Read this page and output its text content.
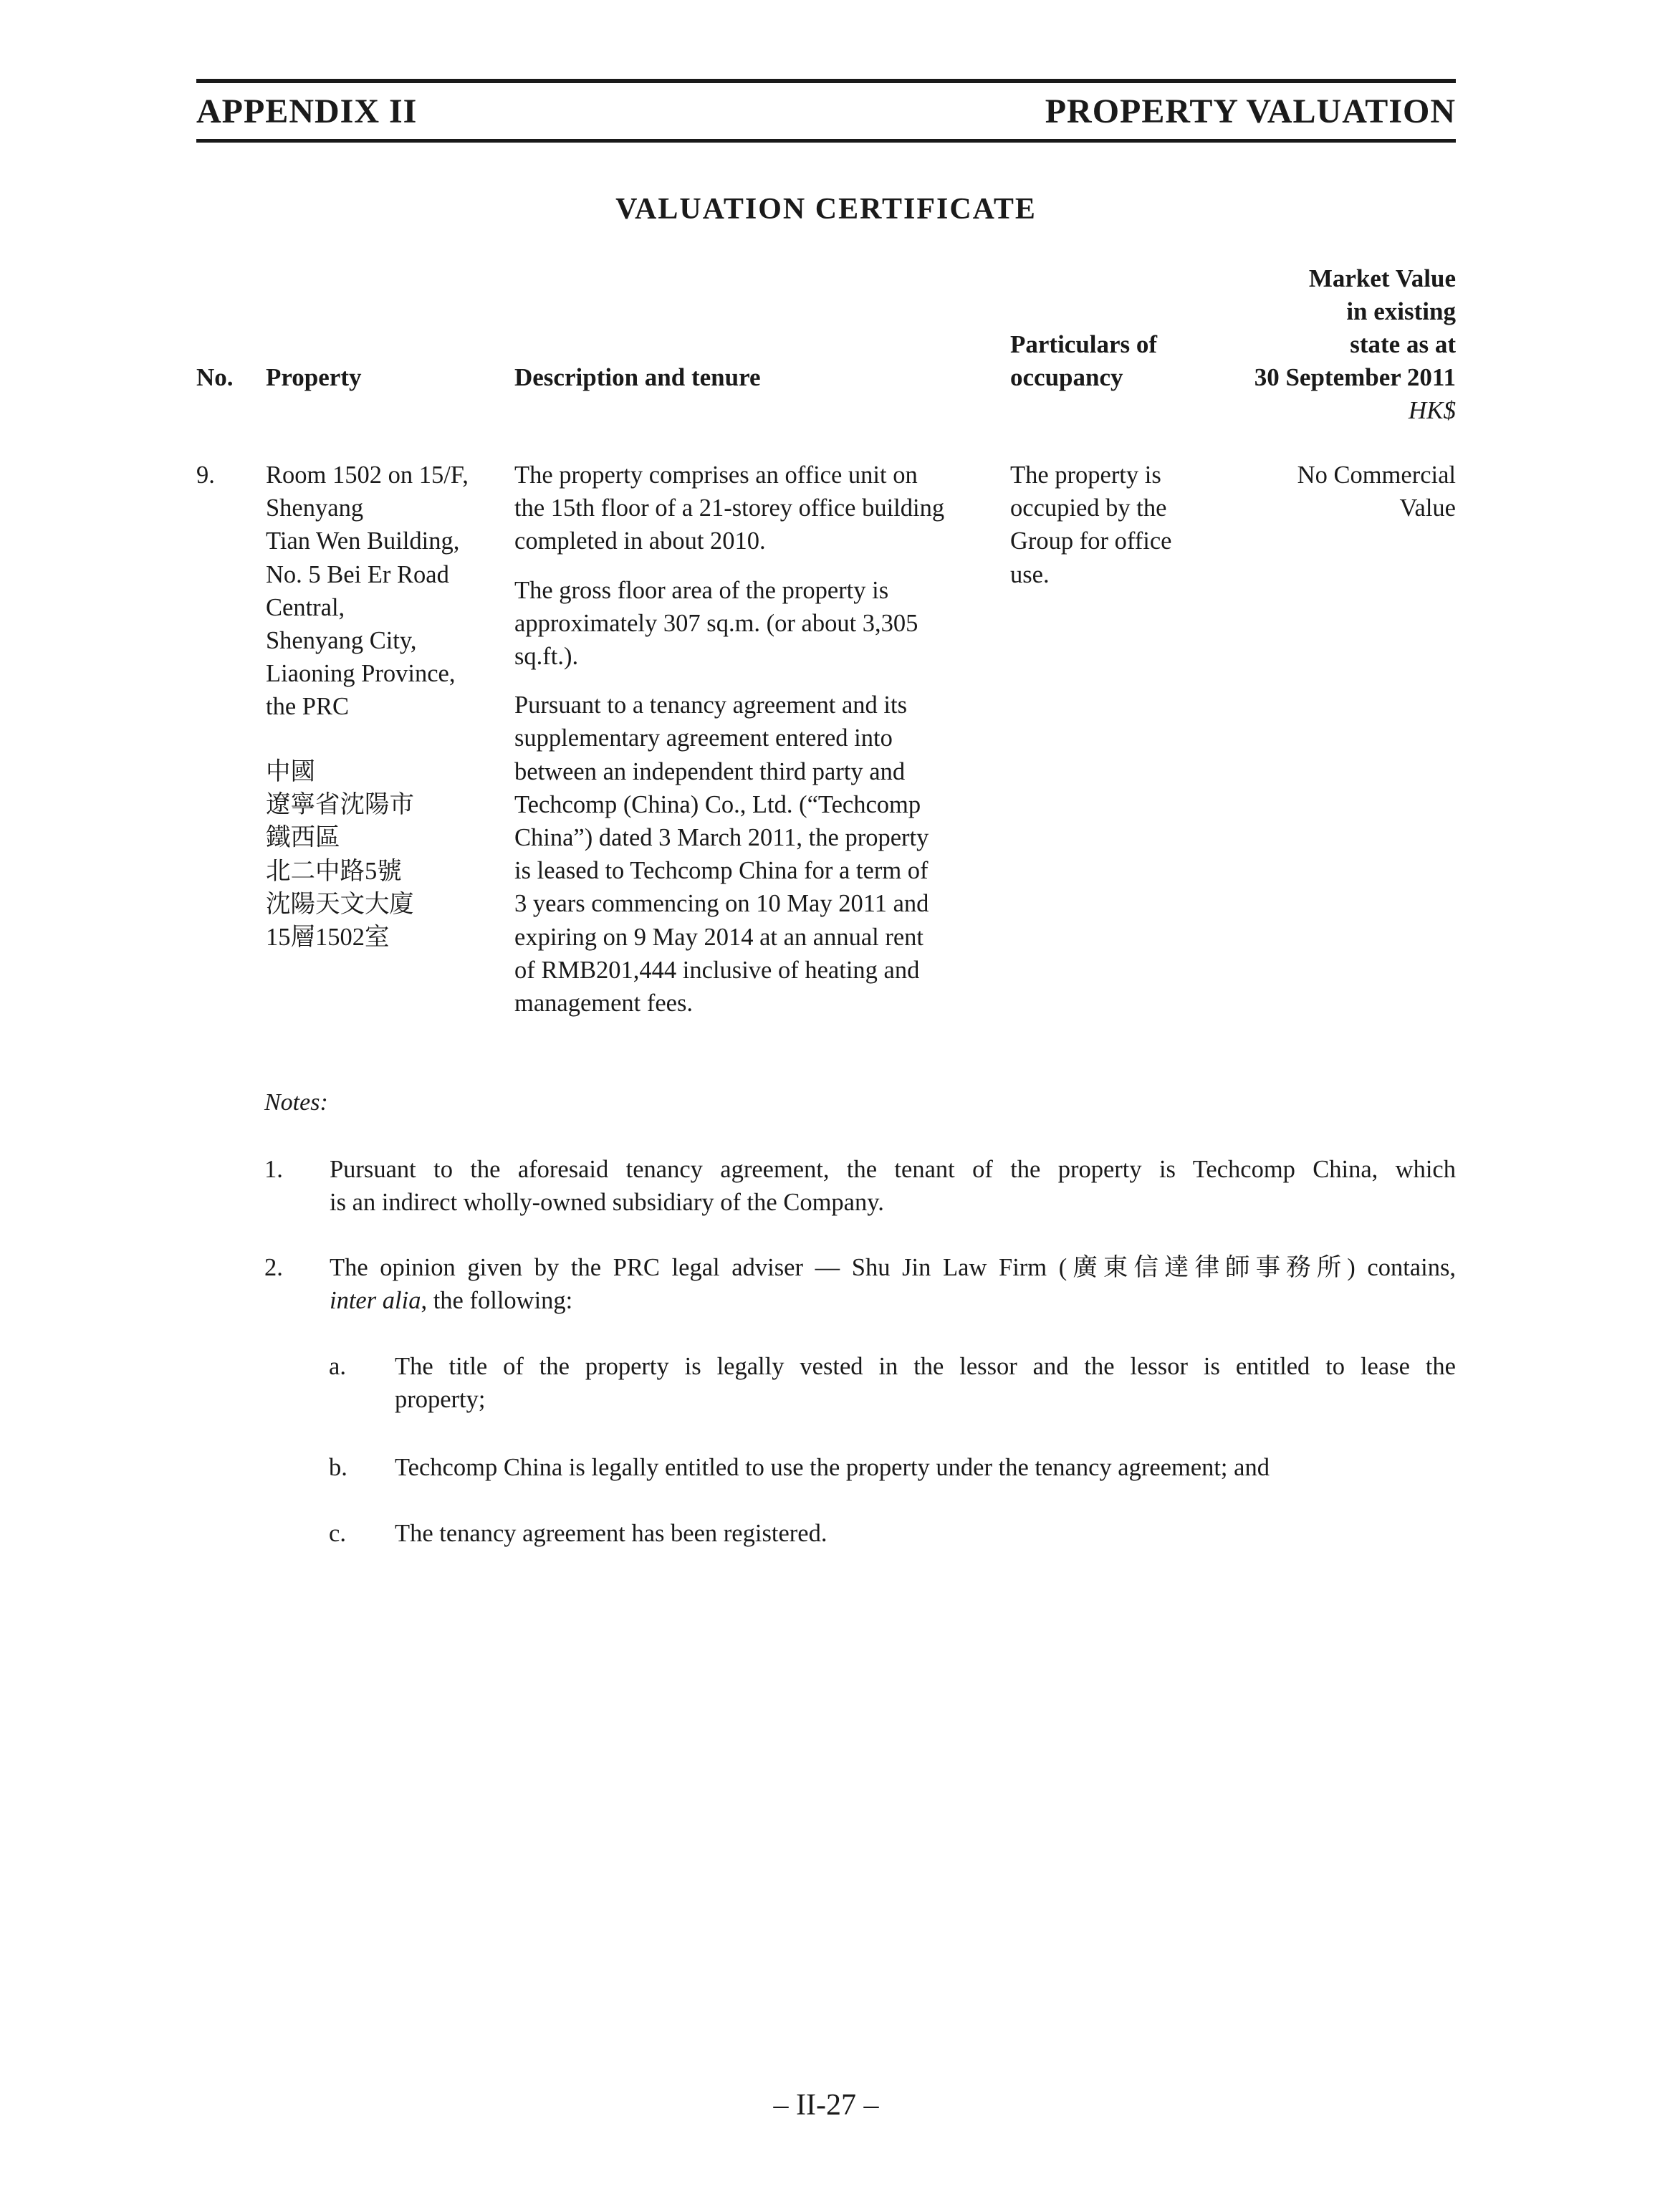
APPENDIX II	PROPERTY VALUATION
VALUATION CERTIFICATE
No. Property	Description and tenure
Particulars of
occupancy
Market Value
in existing
state as at
30 September 2011
HK$
9. Room 1502 on 15/F,
Shenyang
Tian Wen Building,
No. 5 Bei Er Road
Central,
Shenyang City,
Liaoning Province,
the PRC
中國
遼寧省沈陽市
鐵西區
北二中路5號
沈陽天文大廈
15層1502室
The property comprises an office unit on
the 15th floor of a 21-storey office building
completed in about 2010.
The gross floor area of the property is
approximately 307 sq.m. (or about 3,305
sq.ft.).
Pursuant to a tenancy agreement and its
supplementary agreement entered into
between an independent third party and
Techcomp (China) Co., Ltd. (“Techcomp
China”) dated 3 March 2011, the property
is leased to Techcomp China for a term of
3 years commencing on 10 May 2011 and
expiring on 9 May 2014 at an annual rent
of RMB201,444 inclusive of heating and
management fees.
The property is
occupied by the
Group for office
use.
No Commercial
Value
Notes:
1. Pursuant to the aforesaid tenancy agreement, the tenant of the property is Techcomp China, which
is an indirect wholly-owned subsidiary of the Company.
2. The opinion given by the PRC legal adviser — Shu Jin Law Firm (廣東信達律師事務所) contains,
inter alia, the following:
a. The title of the property is legally vested in the lessor and the lessor is entitled to lease the
property;
b. Techcomp China is legally entitled to use the property under the tenancy agreement; and
c. The tenancy agreement has been registered.
– II-27 –
